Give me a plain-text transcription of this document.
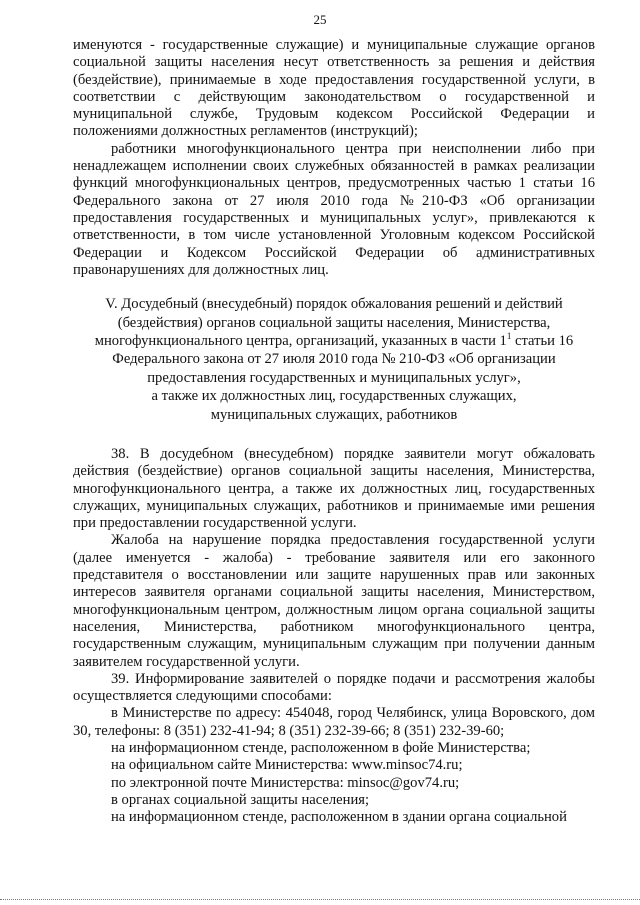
25

именуются - государственные служащие) и муниципальные служащие органов социальной защиты населения несут ответственность за решения и действия (бездействие), принимаемые в ходе предоставления государственной услуги, в соответствии с действующим законодательством о государственной и муниципальной службе, Трудовым кодексом Российской Федерации и положениями должностных регламентов (инструкций);

работники многофункционального центра при неисполнении либо при ненадлежащем исполнении своих служебных обязанностей в рамках реализации функций многофункциональных центров, предусмотренных частью 1 статьи 16 Федерального закона от 27 июля 2010 года №210-ФЗ «Об организации предоставления государственных и муниципальных услуг», привлекаются к ответственности, в том числе установленной Уголовным кодексом Российской Федерации и Кодексом Российской Федерации об административных правонарушениях для должностных лиц.

V. Досудебный (внесудебный) порядок обжалования решений и действий (бездействия) органов социальной защиты населения, Министерства, многофункционального центра, организаций, указанных в части $1^1$ статьи 16 Федерального закона от 27 июля 2010 года № 210-ФЗ «Об организации предоставления государственных и муниципальных услуг»,
а также их должностных лиц, государственных служащих,
муниципальных служащих, работников

38. В досудебном (внесудебном) порядке заявители могут обжаловать действия (бездействие) органов социальной защиты населения, Министерства, многофункционального центра, а также их должностных лиц, государственных служащих, муниципальных служащих, работников и принимаемые ими решения при предоставлении государственной услуги.

Жалоба на нарушение порядка предоставления государственной услуги (далее именуется - жалоба) - требование заявителя или его законного представителя о восстановлении или защите нарушенных прав или законных интересов заявителя органами социальной защиты населения, Министерством, многофункциональным центром, должностным лицом органа социальной защиты населения, Министерства, работником многофункционального центра, государственным служащим, муниципальным служащим при получении данным заявителем государственной услуги.

39. Информирование заявителей о порядке подачи и рассмотрения жалобы осуществляется следующими способами:

в Министерстве по адресу: 454048, город Челябинск, улица Воровского, дом 30, телефоны: 8 (351) 232-41-94; 8 (351) 232-39-66; 8 (351) 232-39-60;

на информационном стенде, расположенном в фойе Министерства;

на официальном сайте Министерства: www.minsoc74.ru;

по электронной почте Министерства: minsoc@gov74.ru;

в органах социальной защиты населения;

на информационном стенде, расположенном в здании органа социальной
